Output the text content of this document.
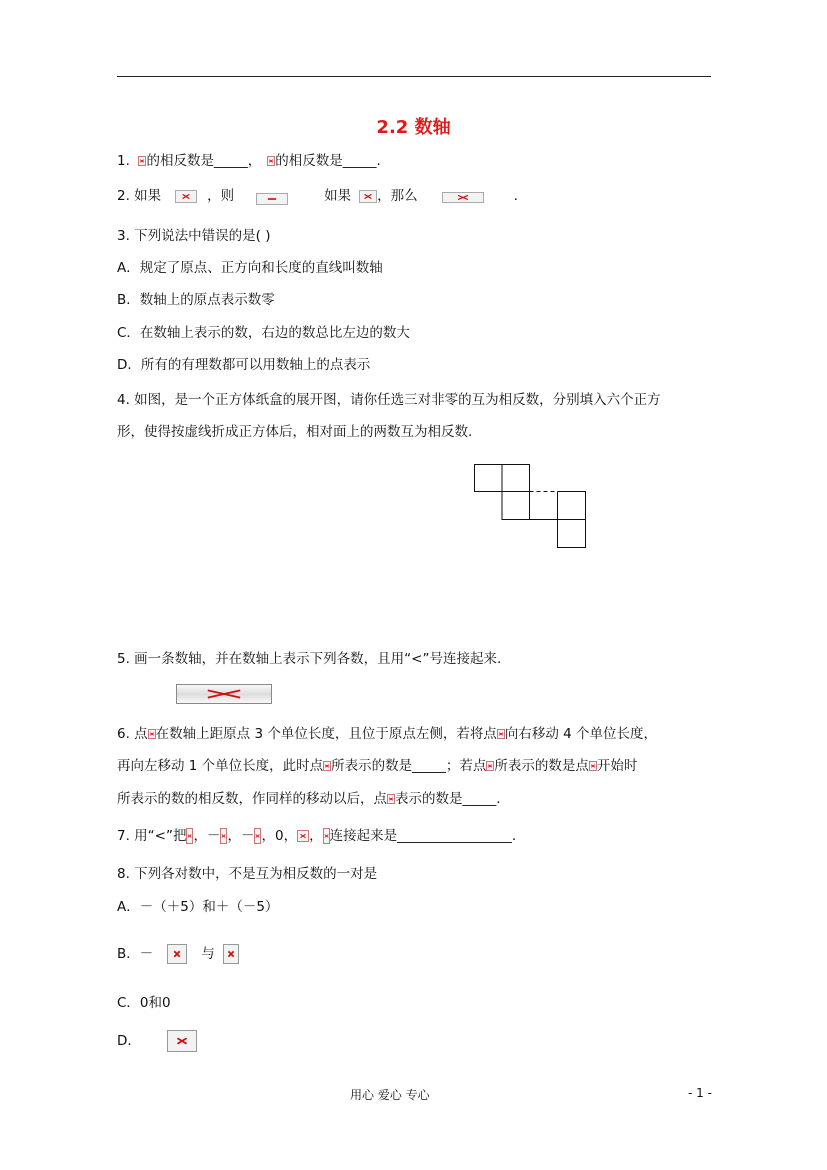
2.2 数轴
1.
的相反数是_____， 的相反数是_____.
2. 如果	，则	如果 ，那么	.
3. 下列说法中错误的是( )
A．规定了原点、正方向和长度的直线叫数轴
B．数轴上的原点表示数零
C．在数轴上表示的数，右边的数总比左边的数大
D．所有的有理数都可以用数轴上的点表示
4. 如图，是一个正方体纸盒的展开图，请你任选三对非零的互为相反数，分别填入六个正方
形，使得按虚线折成正方体后，相对面上的两数互为相反数.
5. 画一条数轴，并在数轴上表示下列各数，且用“<”号连接起来.
6. 点 在数轴上距原点 3 个单位长度，且位于原点左侧，若将点 向右移动 4 个单位长度，
再向左移动 1 个单位长度，此时点 所表示的数是_____；若点 所表示的数是点 开始时
所表示的数的相反数，作同样的移动以后，点 表示的数是_____.
7. 用“<”把 ，－ ，－ ，0， ， 连接起来是_________________.
8. 下列各对数中，不是互为相反数的一对是
A．－（＋5）和＋（－5）
B．－	与
C．0和0
D．
用心 爱心 专心	- 1 -
